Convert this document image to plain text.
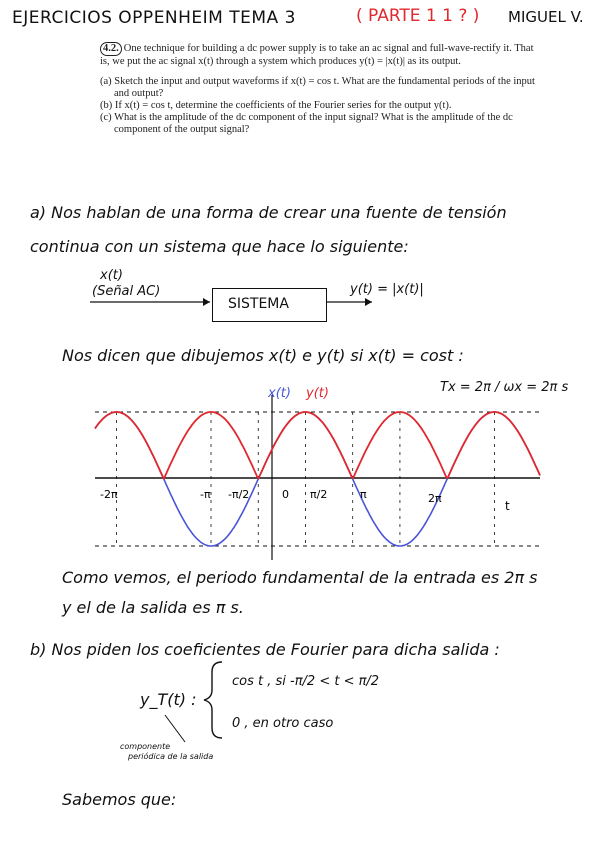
EJERCICIOS OPPENHEIM TEMA 3	( PARTE 1 1 ? ) MIGUEL V.
4.2. One technique for building a dc power supply is to take an ac signal and full-wave-rectify it. That is, we put the ac signal x(t) through a system which produces y(t) = |x(t)| as its output.
(a) Sketch the input and output waveforms if x(t) = cos t. What are the fundamental periods of the input and output?
(b) If x(t) = cos t, determine the coefficients of the Fourier series for the output y(t).
(c) What is the amplitude of the dc component of the input signal? What is the amplitude of the dc component of the output signal?
a) Nos hablan de una forma de crear una fuente de tensión
continua con un sistema que hace lo siguiente:
x(t)
(Señal AC)
SISTEMA
y(t) = |x(t)|
Nos dicen que dibujemos x(t) e y(t) si x(t) = cost :
Tx = 2π / ωx = 2π s
x(t) y(t)
-2π	-π -π/2	0 π/2	π	2π
t
Como vemos, el periodo fundamental de la entrada es 2π s
y el de la salida es π s.
b) Nos piden los coeficientes de Fourier para dicha salida :
y_T(t) :
cos t , si -π/2 < t < π/2
0 , en otro caso
componente
periódica de la salida
Sabemos que:
